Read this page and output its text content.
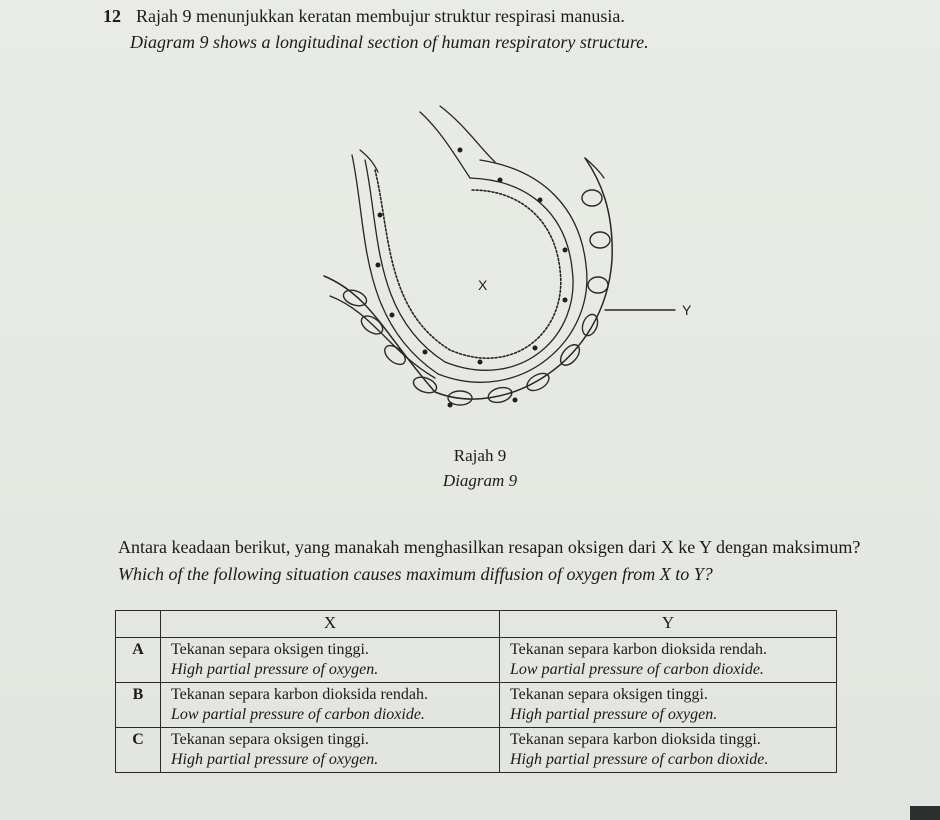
12 Rajah 9 menunjukkan keratan membujur struktur respirasi manusia.
Diagram 9 shows a longitudinal section of human respiratory structure.
X
Y
Rajah 9
Diagram 9
Antara keadaan berikut, yang manakah menghasilkan resapan oksigen dari X ke Y dengan maksimum?
Which of the following situation causes maximum diffusion of oxygen from X to Y?
	X	Y
A	Tekanan separa oksigen tinggi.
High partial pressure of oxygen.	Tekanan separa karbon dioksida rendah.
Low partial pressure of carbon dioxide.

B	Tekanan separa karbon dioksida rendah.
Low partial pressure of carbon dioxide.	Tekanan separa oksigen tinggi.
High partial pressure of oxygen.

C	Tekanan separa oksigen tinggi.
High partial pressure of oxygen.	Tekanan separa karbon dioksida tinggi.
High partial pressure of carbon dioxide.
